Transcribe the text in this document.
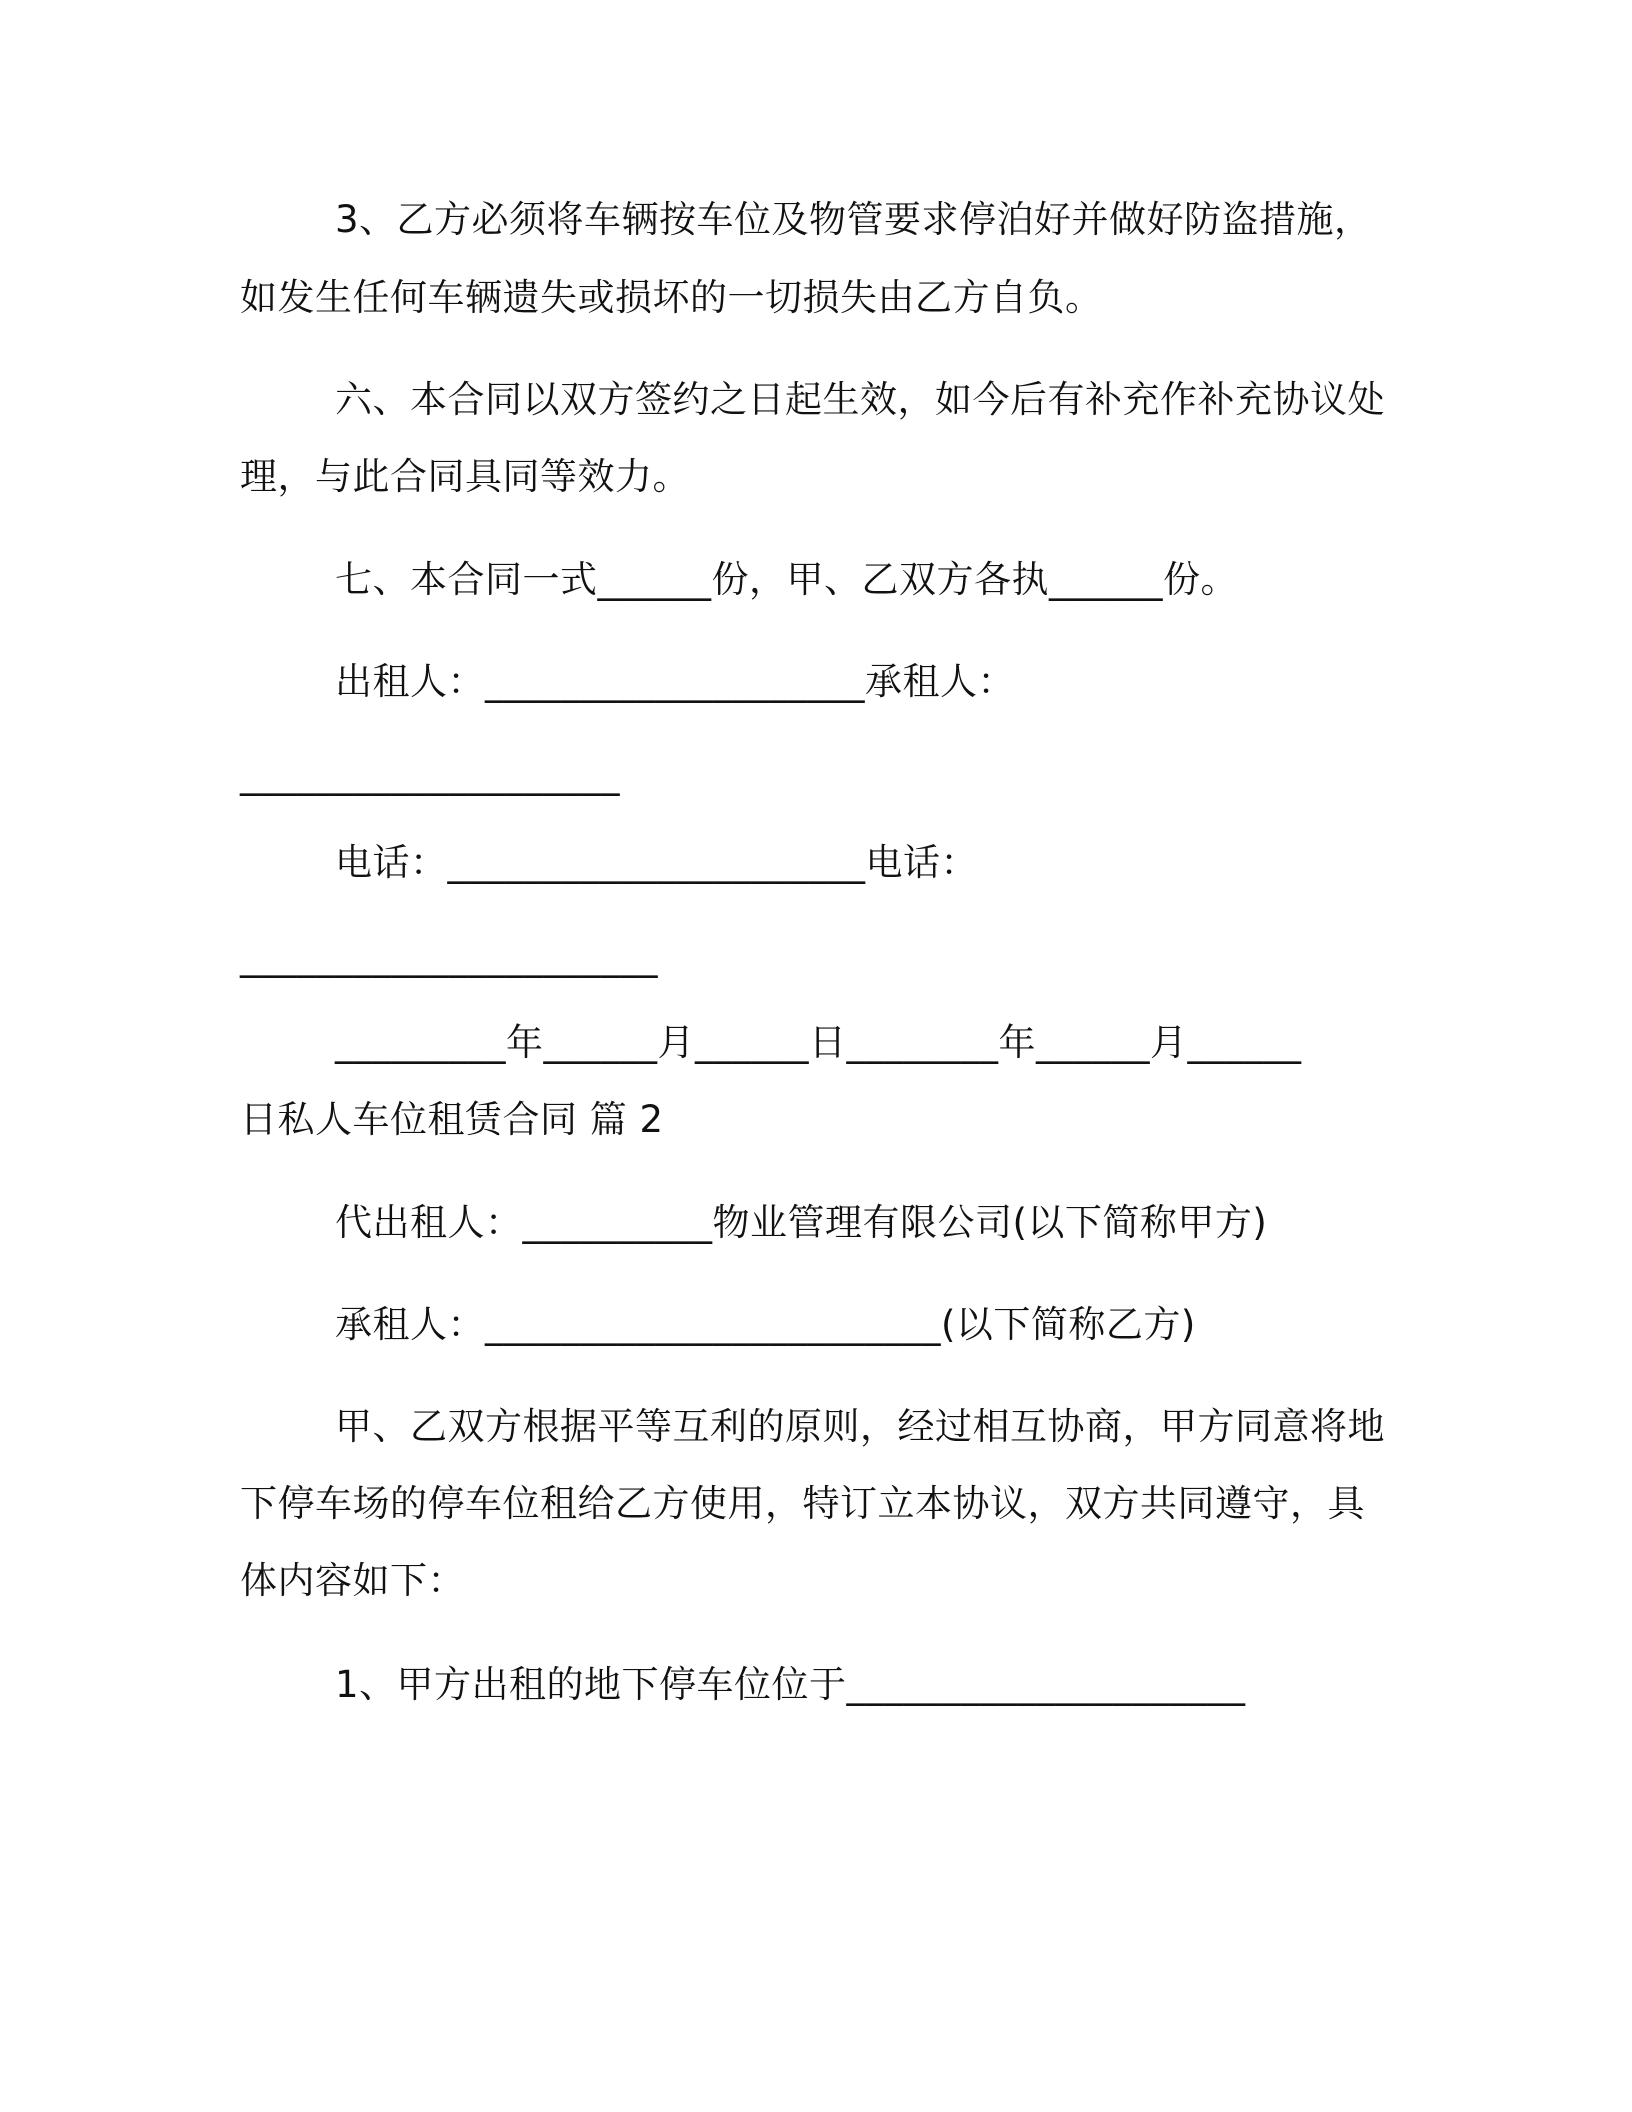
3、乙方必须将车辆按车位及物管要求停泊好并做好防盗措施，
如发生任何车辆遗失或损坏的一切损失由乙方自负。
六、本合同以双方签约之日起生效，如今后有补充作补充协议处
理，与此合同具同等效力。
七、本合同一式______份，甲、乙双方各执______份。
出租人：____________________承租人：
____________________
电话：______________________电话：
______________________
_________年______月______日________年______月______
日私人车位租赁合同 篇 2
代出租人：__________物业管理有限公司(以下简称甲方)
承租人：________________________(以下简称乙方)
甲、乙双方根据平等互利的原则，经过相互协商，甲方同意将地
下停车场的停车位租给乙方使用，特订立本协议，双方共同遵守，具
体内容如下：
1、甲方出租的地下停车位位于_____________________
